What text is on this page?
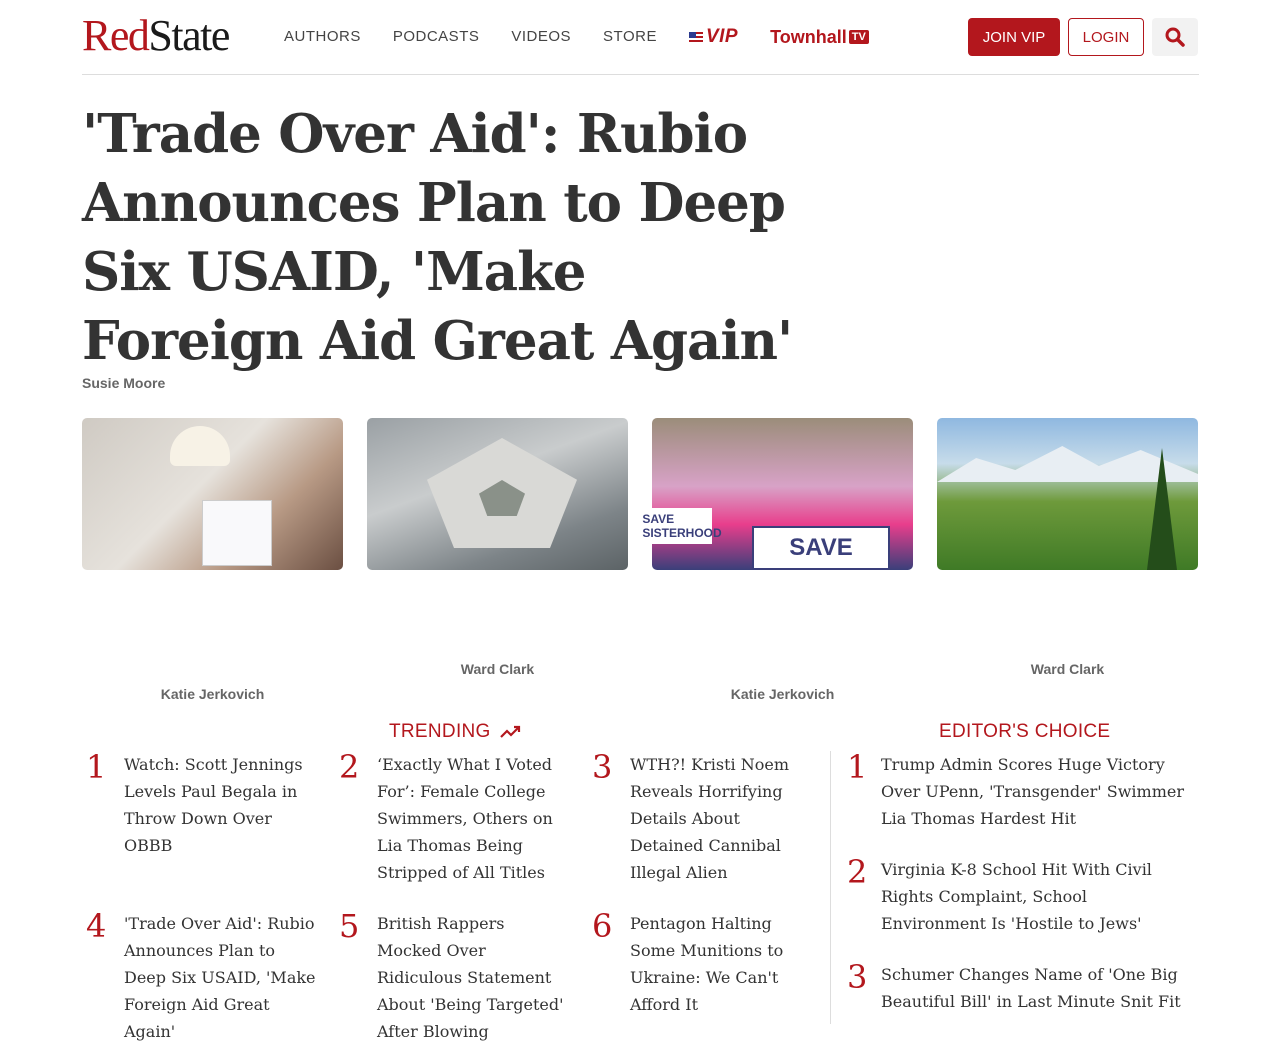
RedState	AUTHORS PODCASTS VIDEOS STORE	VIP Townhall TV	JOIN VIP	LOGIN
'Trade Over Aid': Rubio Announces Plan to Deep Six USAID, 'Make Foreign Aid Great Again'
Susie Moore
SAVE SISTERHOOD
SAVE
Katie Jerkovich
Ward Clark
Katie Jerkovich
Ward Clark
TRENDING
1 Watch: Scott Jennings Levels Paul Begala in Throw Down Over OBBB
2 ‘Exactly What I Voted For’: Female College Swimmers, Others on Lia Thomas Being Stripped of All Titles
3 WTH?! Kristi Noem Reveals Horrifying Details About Detained Cannibal Illegal Alien
4 'Trade Over Aid': Rubio Announces Plan to Deep Six USAID, 'Make Foreign Aid Great Again'
5 British Rappers Mocked Over Ridiculous Statement About 'Being Targeted' After Blowing
6 Pentagon Halting Some Munitions to Ukraine: We Can't Afford It
EDITOR'S CHOICE
1 Trump Admin Scores Huge Victory Over UPenn, 'Transgender' Swimmer Lia Thomas Hardest Hit
2 Virginia K-8 School Hit With Civil Rights Complaint, School Environment Is 'Hostile to Jews'
3 Schumer Changes Name of 'One Big Beautiful Bill' in Last Minute Snit Fit
